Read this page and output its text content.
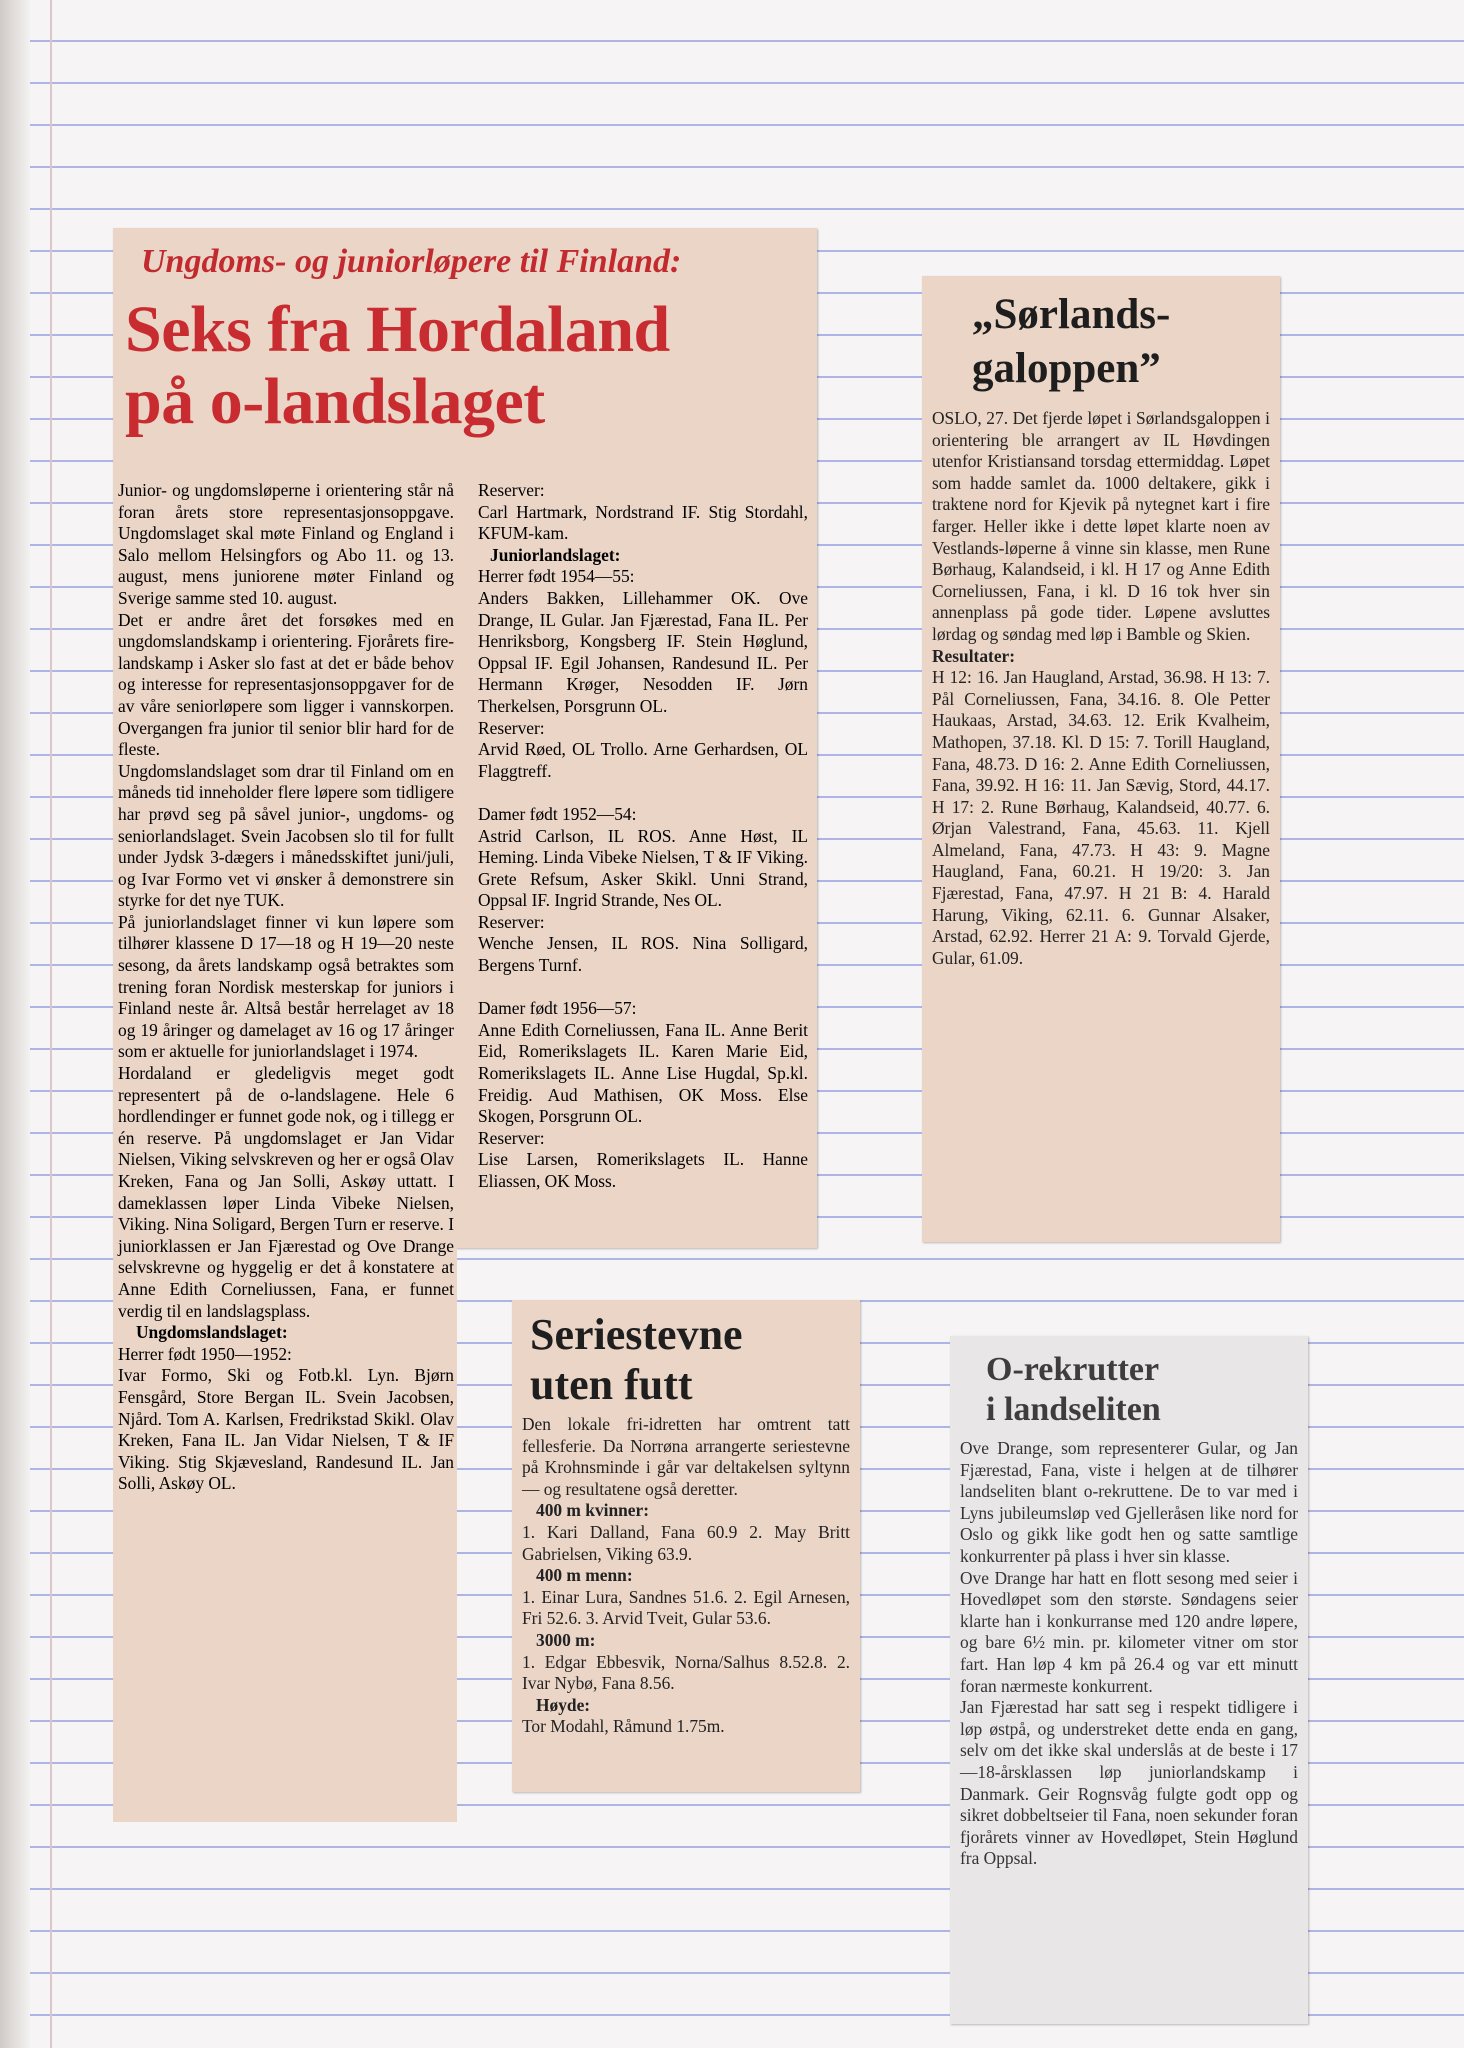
Ungdoms- og juniorløpere til Finland:
Seks fra Hordaland
på o-landslaget

Junior- og ungdomsløperne i orientering står nå foran årets store representasjonsoppgave. Ungdomslaget skal møte Finland og England i Salo mellom Helsingfors og Abo 11. og 13. august, mens juniorene møter Finland og Sverige samme sted 10. august.
Det er andre året det forsøkes med en ungdomslandskamp i orientering. Fjorårets fire-landskamp i Asker slo fast at det er både behov og interesse for representasjonsoppgaver for de av våre seniorløpere som ligger i vannskorpen. Overgangen fra junior til senior blir hard for de fleste.
Ungdomslandslaget som drar til Finland om en måneds tid inneholder flere løpere som tidligere har prøvd seg på såvel junior-, ungdoms- og seniorlandslaget. Svein Jacobsen slo til for fullt under Jydsk 3-dægers i månedsskiftet juni/juli, og Ivar Formo vet vi ønsker å demonstrere sin styrke for det nye TUK.
På juniorlandslaget finner vi kun løpere som tilhører klassene D 17—18 og H 19—20 neste sesong, da årets landskamp også betraktes som trening foran Nordisk mesterskap for juniors i Finland neste år. Altså består herrelaget av 18 og 19 åringer og damelaget av 16 og 17 åringer som er aktuelle for juniorlandslaget i 1974.
Hordaland er gledeligvis meget godt representert på de o-landslagene. Hele 6 hordlendinger er funnet gode nok, og i tillegg er én reserve. På ungdomslaget er Jan Vidar Nielsen, Viking selvskreven og her er også Olav Kreken, Fana og Jan Solli, Askøy uttatt. I dameklassen løper Linda Vibeke Nielsen, Viking. Nina Soligard, Bergen Turn er reserve. I juniorklassen er Jan Fjærestad og Ove Drange selvskrevne og hyggelig er det å konstatere at Anne Edith Corneliussen, Fana, er funnet verdig til en landslagsplass.

Ungdomslandslaget:

Herrer født 1950—1952:
Ivar Formo, Ski og Fotb.kl. Lyn. Bjørn Fensgård, Store Bergan IL. Svein Jacobsen, Njård. Tom A. Karlsen, Fredrikstad Skikl. Olav Kreken, Fana IL. Jan Vidar Nielsen, T & IF Viking. Stig Skjævesland, Randesund IL. Jan Solli, Askøy OL.

Reserver:
Carl Hartmark, Nordstrand IF. Stig Stordahl, KFUM-kam.

Juniorlandslaget:

Herrer født 1954—55:
Anders Bakken, Lillehammer OK. Ove Drange, IL Gular. Jan Fjærestad, Fana IL. Per Henriksborg, Kongsberg IF. Stein Høglund, Oppsal IF. Egil Johansen, Randesund IL. Per Hermann Krøger, Nesodden IF. Jørn Therkelsen, Porsgrunn OL.
Reserver:
Arvid Røed, OL Trollo. Arne Gerhardsen, OL Flaggtreff.

Damer født 1952—54:
Astrid Carlson, IL ROS. Anne Høst, IL Heming. Linda Vibeke Nielsen, T & IF Viking. Grete Refsum, Asker Skikl. Unni Strand, Oppsal IF. Ingrid Strande, Nes OL.
Reserver:
Wenche Jensen, IL ROS. Nina Solligard, Bergens Turnf.

Damer født 1956—57:
Anne Edith Corneliussen, Fana IL. Anne Berit Eid, Romerikslagets IL. Karen Marie Eid, Romerikslagets IL. Anne Lise Hugdal, Sp.kl. Freidig. Aud Mathisen, OK Moss. Else Skogen, Porsgrunn OL.
Reserver:
Lise Larsen, Romerikslagets IL. Hanne Eliassen, OK Moss.

„Sørlands-
galoppen”

OSLO, 27. Det fjerde løpet i Sørlandsgaloppen i orientering ble arrangert av IL Høvdingen utenfor Kristiansand torsdag ettermiddag. Løpet som hadde samlet da. 1000 deltakere, gikk i traktene nord for Kjevik på nytegnet kart i fire farger. Heller ikke i dette løpet klarte noen av Vestlands-løperne å vinne sin klasse, men Rune Børhaug, Kalandseid, i kl. H 17 og Anne Edith Corneliussen, Fana, i kl. D 16 tok hver sin annenplass på gode tider. Løpene avsluttes lørdag og søndag med løp i Bamble og Skien.

Resultater:

H 12: 16. Jan Haugland, Arstad, 36.98. H 13: 7. Pål Corneliussen, Fana, 34.16. 8. Ole Petter Haukaas, Arstad, 34.63. 12. Erik Kvalheim, Mathopen, 37.18. Kl. D 15: 7. Torill Haugland, Fana, 48.73. D 16: 2. Anne Edith Corneliussen, Fana, 39.92. H 16: 11. Jan Sævig, Stord, 44.17. H 17: 2. Rune Børhaug, Kalandseid, 40.77. 6. Ørjan Valestrand, Fana, 45.63. 11. Kjell Almeland, Fana, 47.73. H 43: 9. Magne Haugland, Fana, 60.21. H 19/20: 3. Jan Fjærestad, Fana, 47.97. H 21 B: 4. Harald Harung, Viking, 62.11. 6. Gunnar Alsaker, Arstad, 62.92. Herrer 21 A: 9. Torvald Gjerde, Gular, 61.09.

Seriestevne
uten futt

Den lokale fri-idretten har omtrent tatt fellesferie. Da Norrøna arrangerte seriestevne på Krohnsminde i går var deltakelsen syltynn — og resultatene også deretter.

400 m kvinner:

1. Kari Dalland, Fana 60.9 2. May Britt Gabrielsen, Viking 63.9.

400 m menn:

1. Einar Lura, Sandnes 51.6. 2. Egil Arnesen, Fri 52.6. 3. Arvid Tveit, Gular 53.6.

3000 m:

1. Edgar Ebbesvik, Norna/Salhus 8.52.8. 2. Ivar Nybø, Fana 8.56.

Høyde:

Tor Modahl, Råmund 1.75m.

O-rekrutter
i landseliten

Ove Drange, som representerer Gular, og Jan Fjærestad, Fana, viste i helgen at de tilhører landseliten blant o-rekruttene. De to var med i Lyns jubileumsløp ved Gjelleråsen like nord for Oslo og gikk like godt hen og satte samtlige konkurrenter på plass i hver sin klasse.
Ove Drange har hatt en flott sesong med seier i Hovedløpet som den største. Søndagens seier klarte han i konkurranse med 120 andre løpere, og bare 6½ min. pr. kilometer vitner om stor fart. Han løp 4 km på 26.4 og var ett minutt foran nærmeste konkurrent.
Jan Fjærestad har satt seg i respekt tidligere i løp østpå, og understreket dette enda en gang, selv om det ikke skal underslås at de beste i 17—18-årsklassen løp juniorlandskamp i Danmark. Geir Rognsvåg fulgte godt opp og sikret dobbeltseier til Fana, noen sekunder foran fjorårets vinner av Hovedløpet, Stein Høglund fra Oppsal.
